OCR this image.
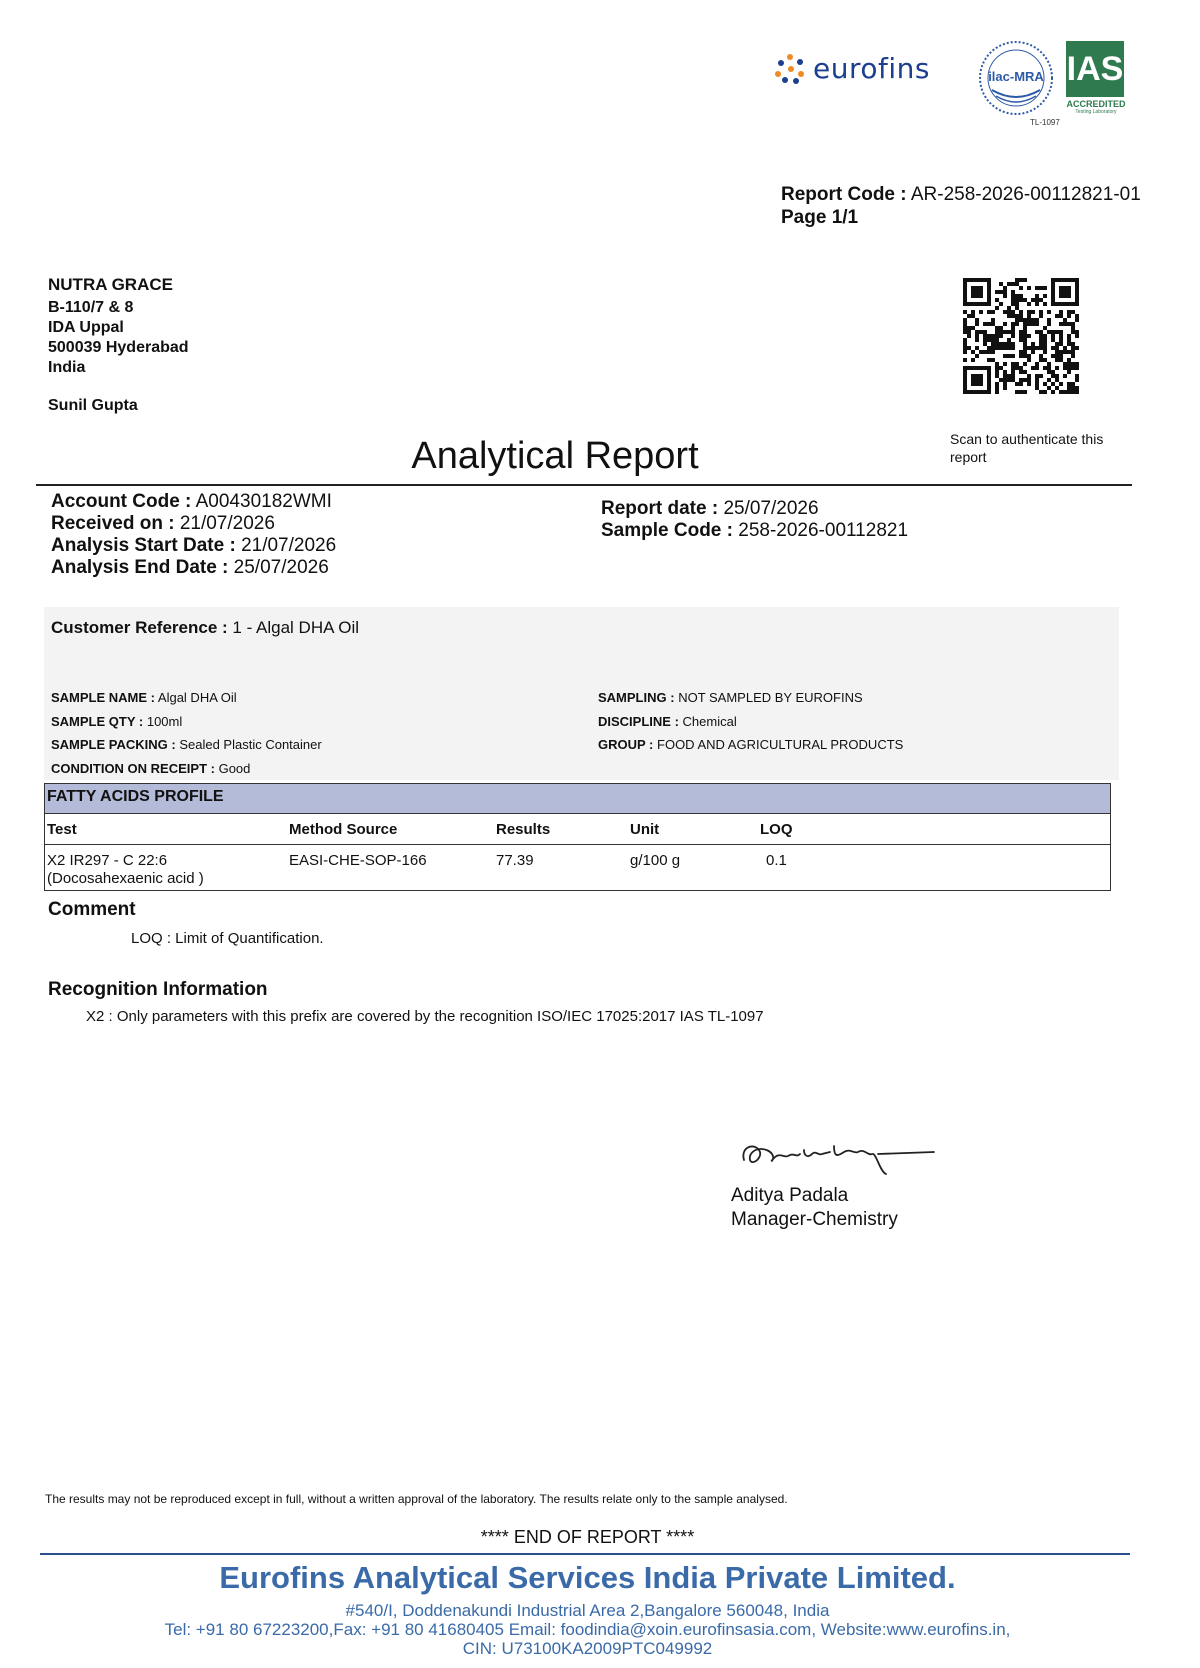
eurofins	ilac-MRA IAS
ACCREDITED
Testing Laboratory
TL-1097
Report Code : AR-258-2026-00112821-01
Page 1/1
NUTRA GRACE
B-110/7 & 8
IDA Uppal
500039 Hyderabad
India
Sunil Gupta
Scan to authenticate this report
Analytical Report
Account Code : A00430182WMI
Received on : 21/07/2026
Analysis Start Date : 21/07/2026
Analysis End Date : 25/07/2026
Report date : 25/07/2026
Sample Code : 258-2026-00112821
Customer Reference : 1 - Algal DHA Oil
SAMPLE NAME : Algal DHA Oil
SAMPLE QTY : 100ml
SAMPLE PACKING : Sealed Plastic Container
CONDITION ON RECEIPT : Good
SAMPLING : NOT SAMPLED BY EUROFINS
DISCIPLINE : Chemical
GROUP : FOOD AND AGRICULTURAL PRODUCTS
FATTY ACIDS PROFILE
Test	Method Source	Results	Unit	LOQ
X2 IR297 - C 22:6
(Docosahexaenic acid )
EASI-CHE-SOP-166	77.39	g/100 g	0.1
Comment
LOQ : Limit of Quantification.
Recognition Information
X2 : Only parameters with this prefix are covered by the recognition ISO/IEC 17025:2017 IAS TL-1097
Aditya Padala
Manager-Chemistry
The results may not be reproduced except in full, without a written approval of the laboratory. The results relate only to the sample analysed.
**** END OF REPORT ****
Eurofins Analytical Services India Private Limited.
#540/I, Doddenakundi Industrial Area 2,Bangalore 560048, India
Tel: +91 80 67223200,Fax: +91 80 41680405 Email: foodindia@xoin.eurofinsasia.com, Website:www.eurofins.in,
CIN: U73100KA2009PTC049992
